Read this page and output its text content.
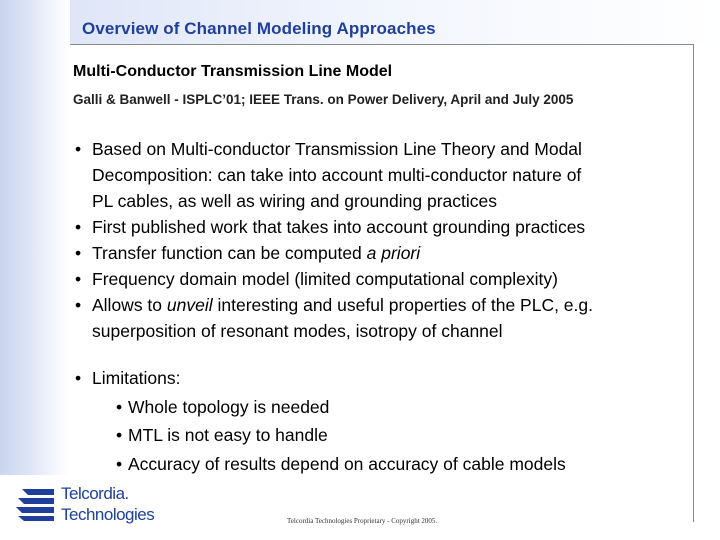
Overview of Channel Modeling Approaches
Multi-Conductor Transmission Line Model

Galli & Banwell - ISPLC’01; IEEE Trans. on Power Delivery, April and July 2005

• Based on Multi-conductor Transmission Line Theory and Modal
Decomposition: can take into account multi-conductor nature of
PL cables, as well as wiring and grounding practices
• First published work that takes into account grounding practices
• Transfer function can be computed a priori
• Frequency domain model (limited computational complexity)
• Allows to unveil interesting and useful properties of the PLC, e.g.
superposition of resonant modes, isotropy of channel
• Limitations:
• Whole topology is needed
• MTL is not easy to handle
• Accuracy of results depend on accuracy of cable models
Telcordia.
Technologies	Telcordia Technologies Proprietary - Copyright 2005.
